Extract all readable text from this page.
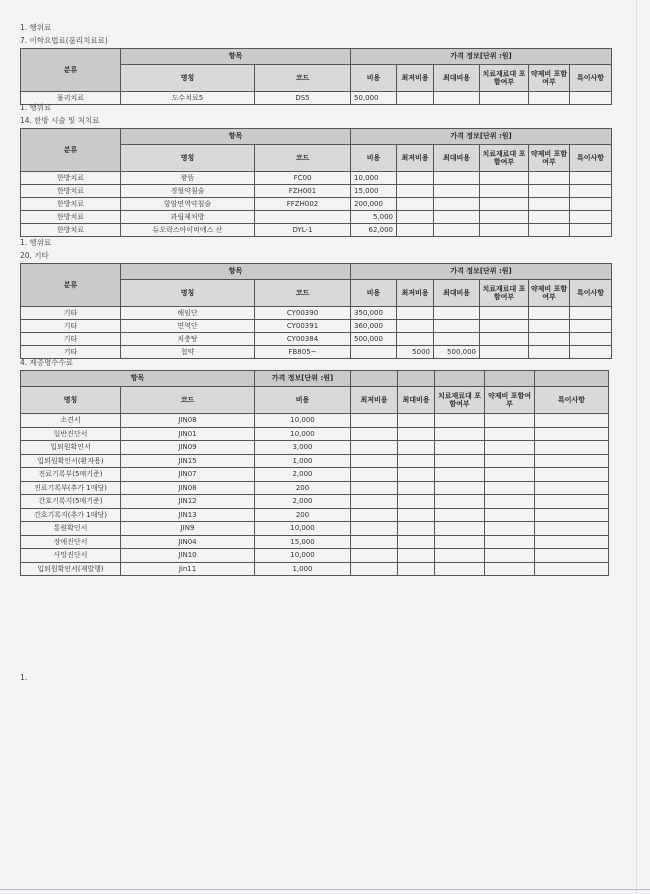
1. 행위료
7. 이학요법료(물리치료료)
분류	항목		가격 정보[단위 :원]					
	명칭	코드	비용	최저비용	최대비용	치료재료대 포함여부	약제비 포함여부	특이사항
물리치료	도수치료5	DS5	50,000					
1. 행위료
14. 한방 시술 및 처치료
분류	항목		가격 정보[단위 :원]					
	명칭	코드	비용	최저비용	최대비용	치료재료대 포함여부	약제비 포함여부	특이사항
한방치료	왕뜸	FC00	10,000					
한방치료	경혈약침술	FZH001	15,000					
한방치료	항암면역약침술	FFZH002	200,000					
한방치료	과립제처방		5,000					
한방치료	듀오락스아이비에스 산	DYL-1	62,000					
1. 행위료
20. 기타
분류	항목		가격 정보[단위 :원]					
	명칭	코드	비용	최저비용	최대비용	치료재료대 포함여부	약제비 포함여부	특이사항
기타	해임단	CY00390	350,000					
기타	면역단	CY00391	360,000					
기타	치충탕	CY00384	500,000					
기타	첩약	FB805~		5000	500,000			
4. 제증명수수료
항목		가격 정보[단위 :원]					
명칭	코드	비용	최저비용	최대비용	치료재료대 포함여부	약제비 포함여부	특이사항
소견서	JIN08	10,000					
일반진단서	JIN01	10,000					
입퇴원확인서	JIN09	3,000					
입퇴원확인서(환자용)	JIN15	1,000					
진료기록부(5매기준)	JIN07	2,000					
진료기록부(추가 1매당)	JIN08	200					
간호기록지(5매기준)	JIN12	2,000					
간호기록지(추가 1매당)	JIN13	200					
통원확인서	JIN9	10,000					
장애진단서	JIN04	15,000					
사망진단서	JIN10	10,000					
입퇴원확인서(재발행)	Jin11	1,000					
1.
